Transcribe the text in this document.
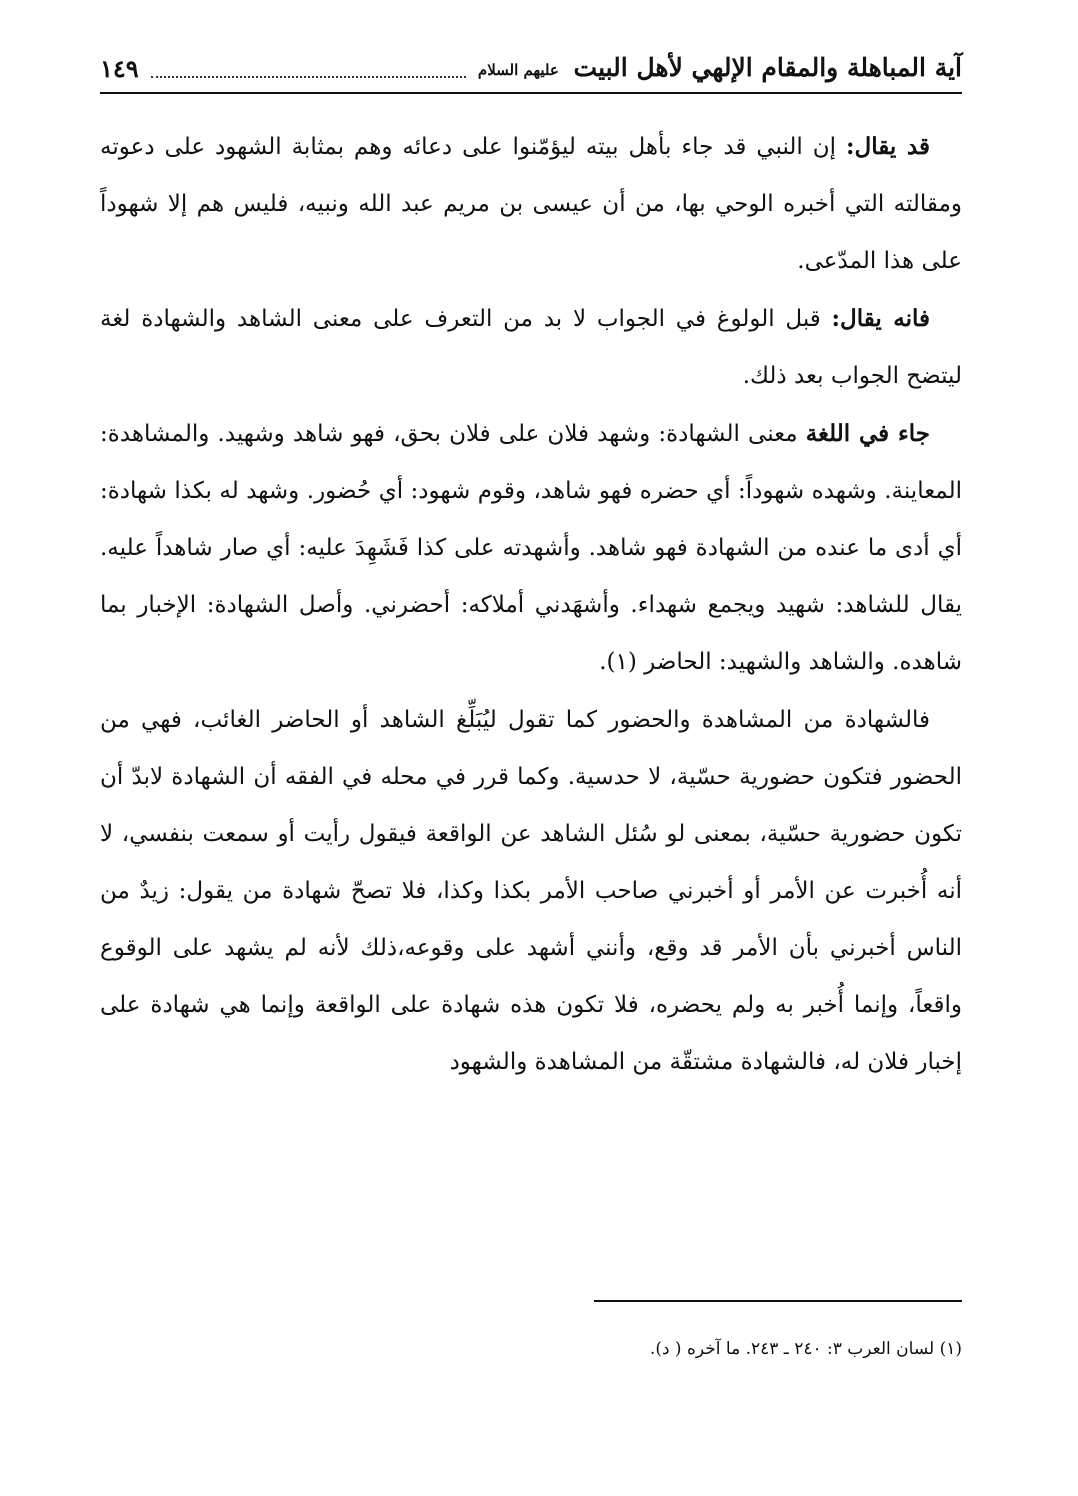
آية المباهلة والمقام الإلهي لأهل البيت عليهم السلام
١٤٩

قد يقال: إن النبي قد جاء بأهل بيته ليؤمّنوا على دعائه وهم بمثابة الشهود على دعوته ومقالته التي أخبره الوحي بها، من أن عيسى بن مريم عبد الله ونبيه، فليس هم إلا شهوداً على هذا المدّعى.

فانه يقال: قبل الولوغ في الجواب لا بد من التعرف على معنى الشاهد والشهادة لغة ليتضح الجواب بعد ذلك.

جاء في اللغة معنى الشهادة: وشهد فلان على فلان بحق، فهو شاهد وشهيد. والمشاهدة: المعاينة. وشهده شهوداً: أي حضره فهو شاهد، وقوم شهود: أي حُضور. وشهد له بكذا شهادة: أي أدى ما عنده من الشهادة فهو شاهد. وأشهدته على كذا فَشَهِدَ عليه: أي صار شاهداً عليه. يقال للشاهد: شهيد ويجمع شهداء. وأشهَدني أملاكه: أحضرني. وأصل الشهادة: الإخبار بما شاهده. والشاهد والشهيد: الحاضر (١).

فالشهادة من المشاهدة والحضور كما تقول ليُبَلِّغ الشاهد أو الحاضر الغائب، فهي من الحضور فتكون حضورية حسّية، لا حدسية. وكما قرر في محله في الفقه أن الشهادة لابدّ أن تكون حضورية حسّية، بمعنى لو سُئل الشاهد عن الواقعة فيقول رأيت أو سمعت بنفسي، لا أنه أُخبرت عن الأمر أو أخبرني صاحب الأمر بكذا وكذا، فلا تصحّ شهادة من يقول: زيدٌ من الناس أخبرني بأن الأمر قد وقع، وأنني أشهد على وقوعه،ذلك لأنه لم يشهد على الوقوع واقعاً، وإنما أُخبر به ولم يحضره، فلا تكون هذه شهادة على الواقعة وإنما هي شهادة على إخبار فلان له، فالشهادة مشتقّة من المشاهدة والشهود

(١) لسان العرب ٣: ٢٤٠ ـ ٢٤٣. ما آخره ( د).
